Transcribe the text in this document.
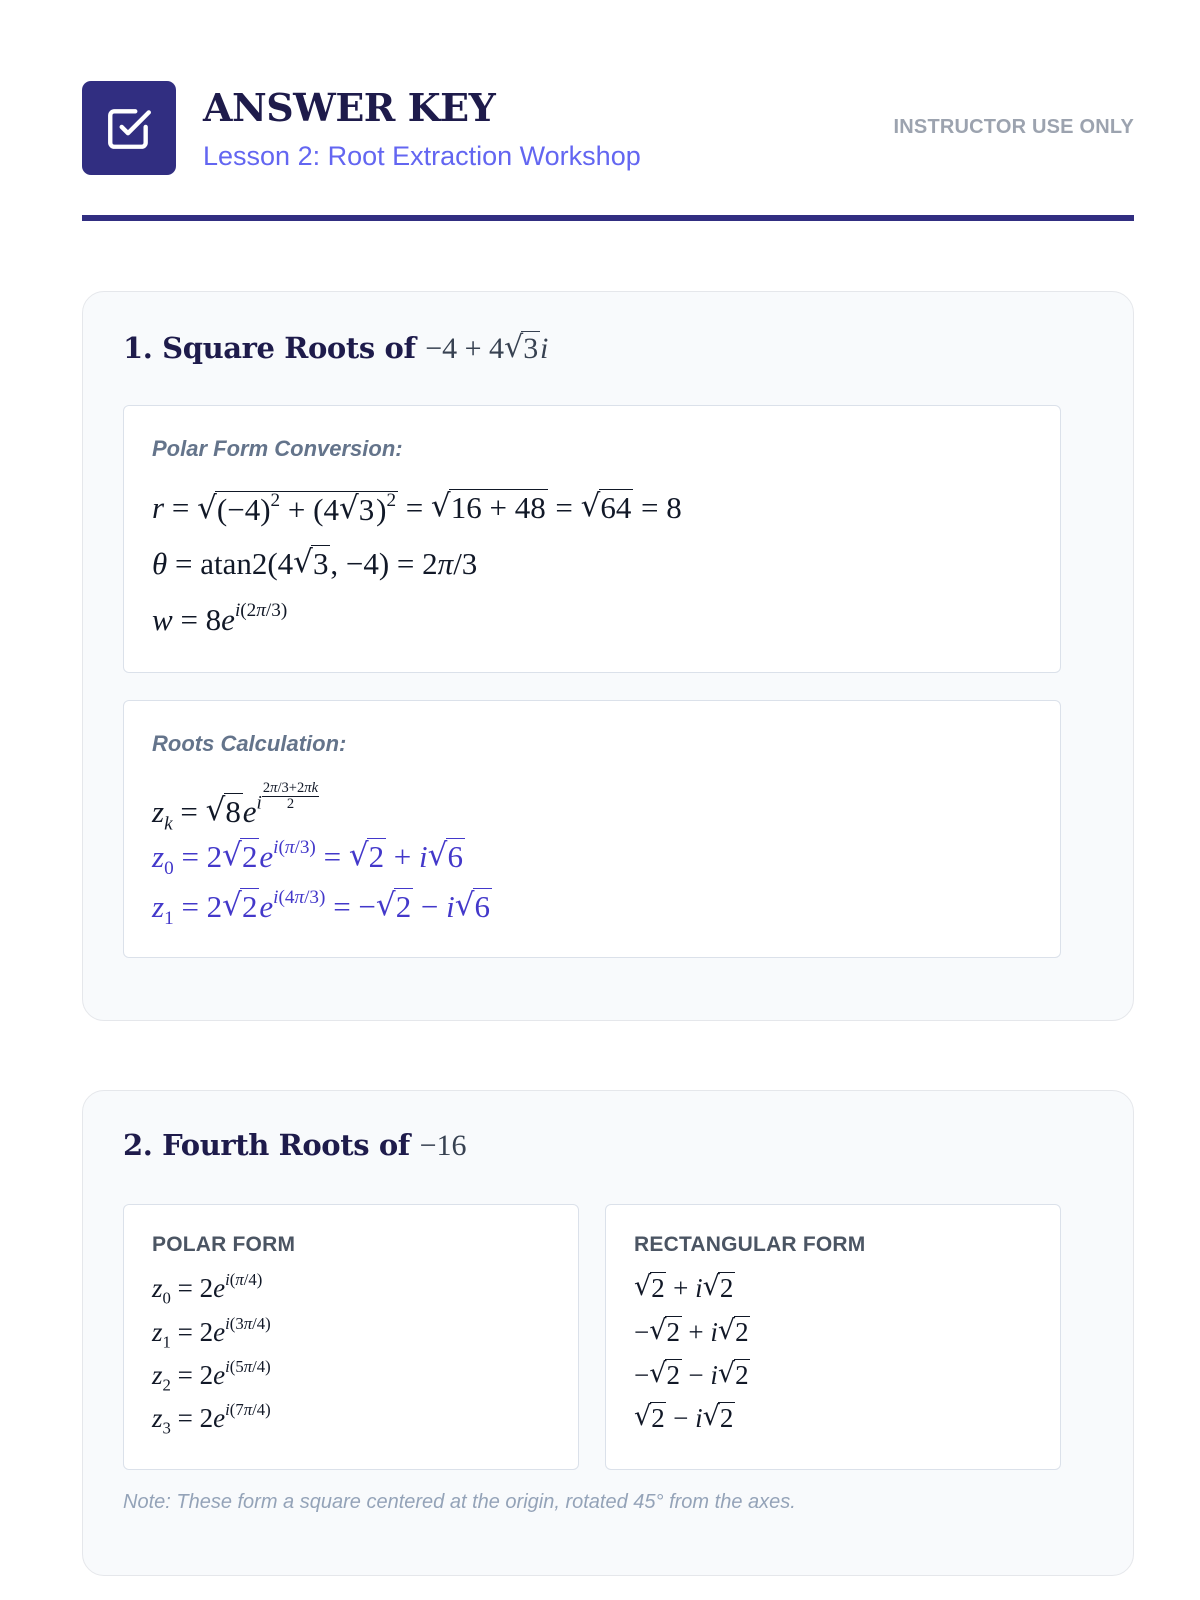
ANSWER KEY
Lesson 2: Root Extraction Workshop
INSTRUCTOR USE ONLY
1. Square Roots of −4 + 4√ 3i
Polar Form Conversion:
r = √ $(-4)^2 + (4√$ 3)$^2$ = √ 16 + 48 = √ 64 = 8
θ = atan2(4√ 3, −4) = 2π/3
$w = 8e^{i(2\pi/3)}$
Roots Calculation:
$z_k$ = √ $8e^i \frac{2\pi/3+2\pi k}{2}$
$z_0 = 2√$ $2e^{i(\pi/3)}$ = √ 2 + i√ 6
$z_1 = 2√$ $2e^{i(4\pi/3)}$ = −√ 2 − i√ 6
2. Fourth Roots of −16
POLAR FORM
$z_0 = 2e^{i(\pi/4)}$
$z_1 = 2e^{i(3\pi/4)}$
$z_2 = 2e^{i(5\pi/4)}$
$z_3 = 2e^{i(7\pi/4)}$
RECTANGULAR FORM
√ 2 + i√ 2
−√ 2 + i√ 2
−√ 2 − i√ 2
√ 2 − i√ 2
Note: These form a square centered at the origin, rotated 45° from the axes.
